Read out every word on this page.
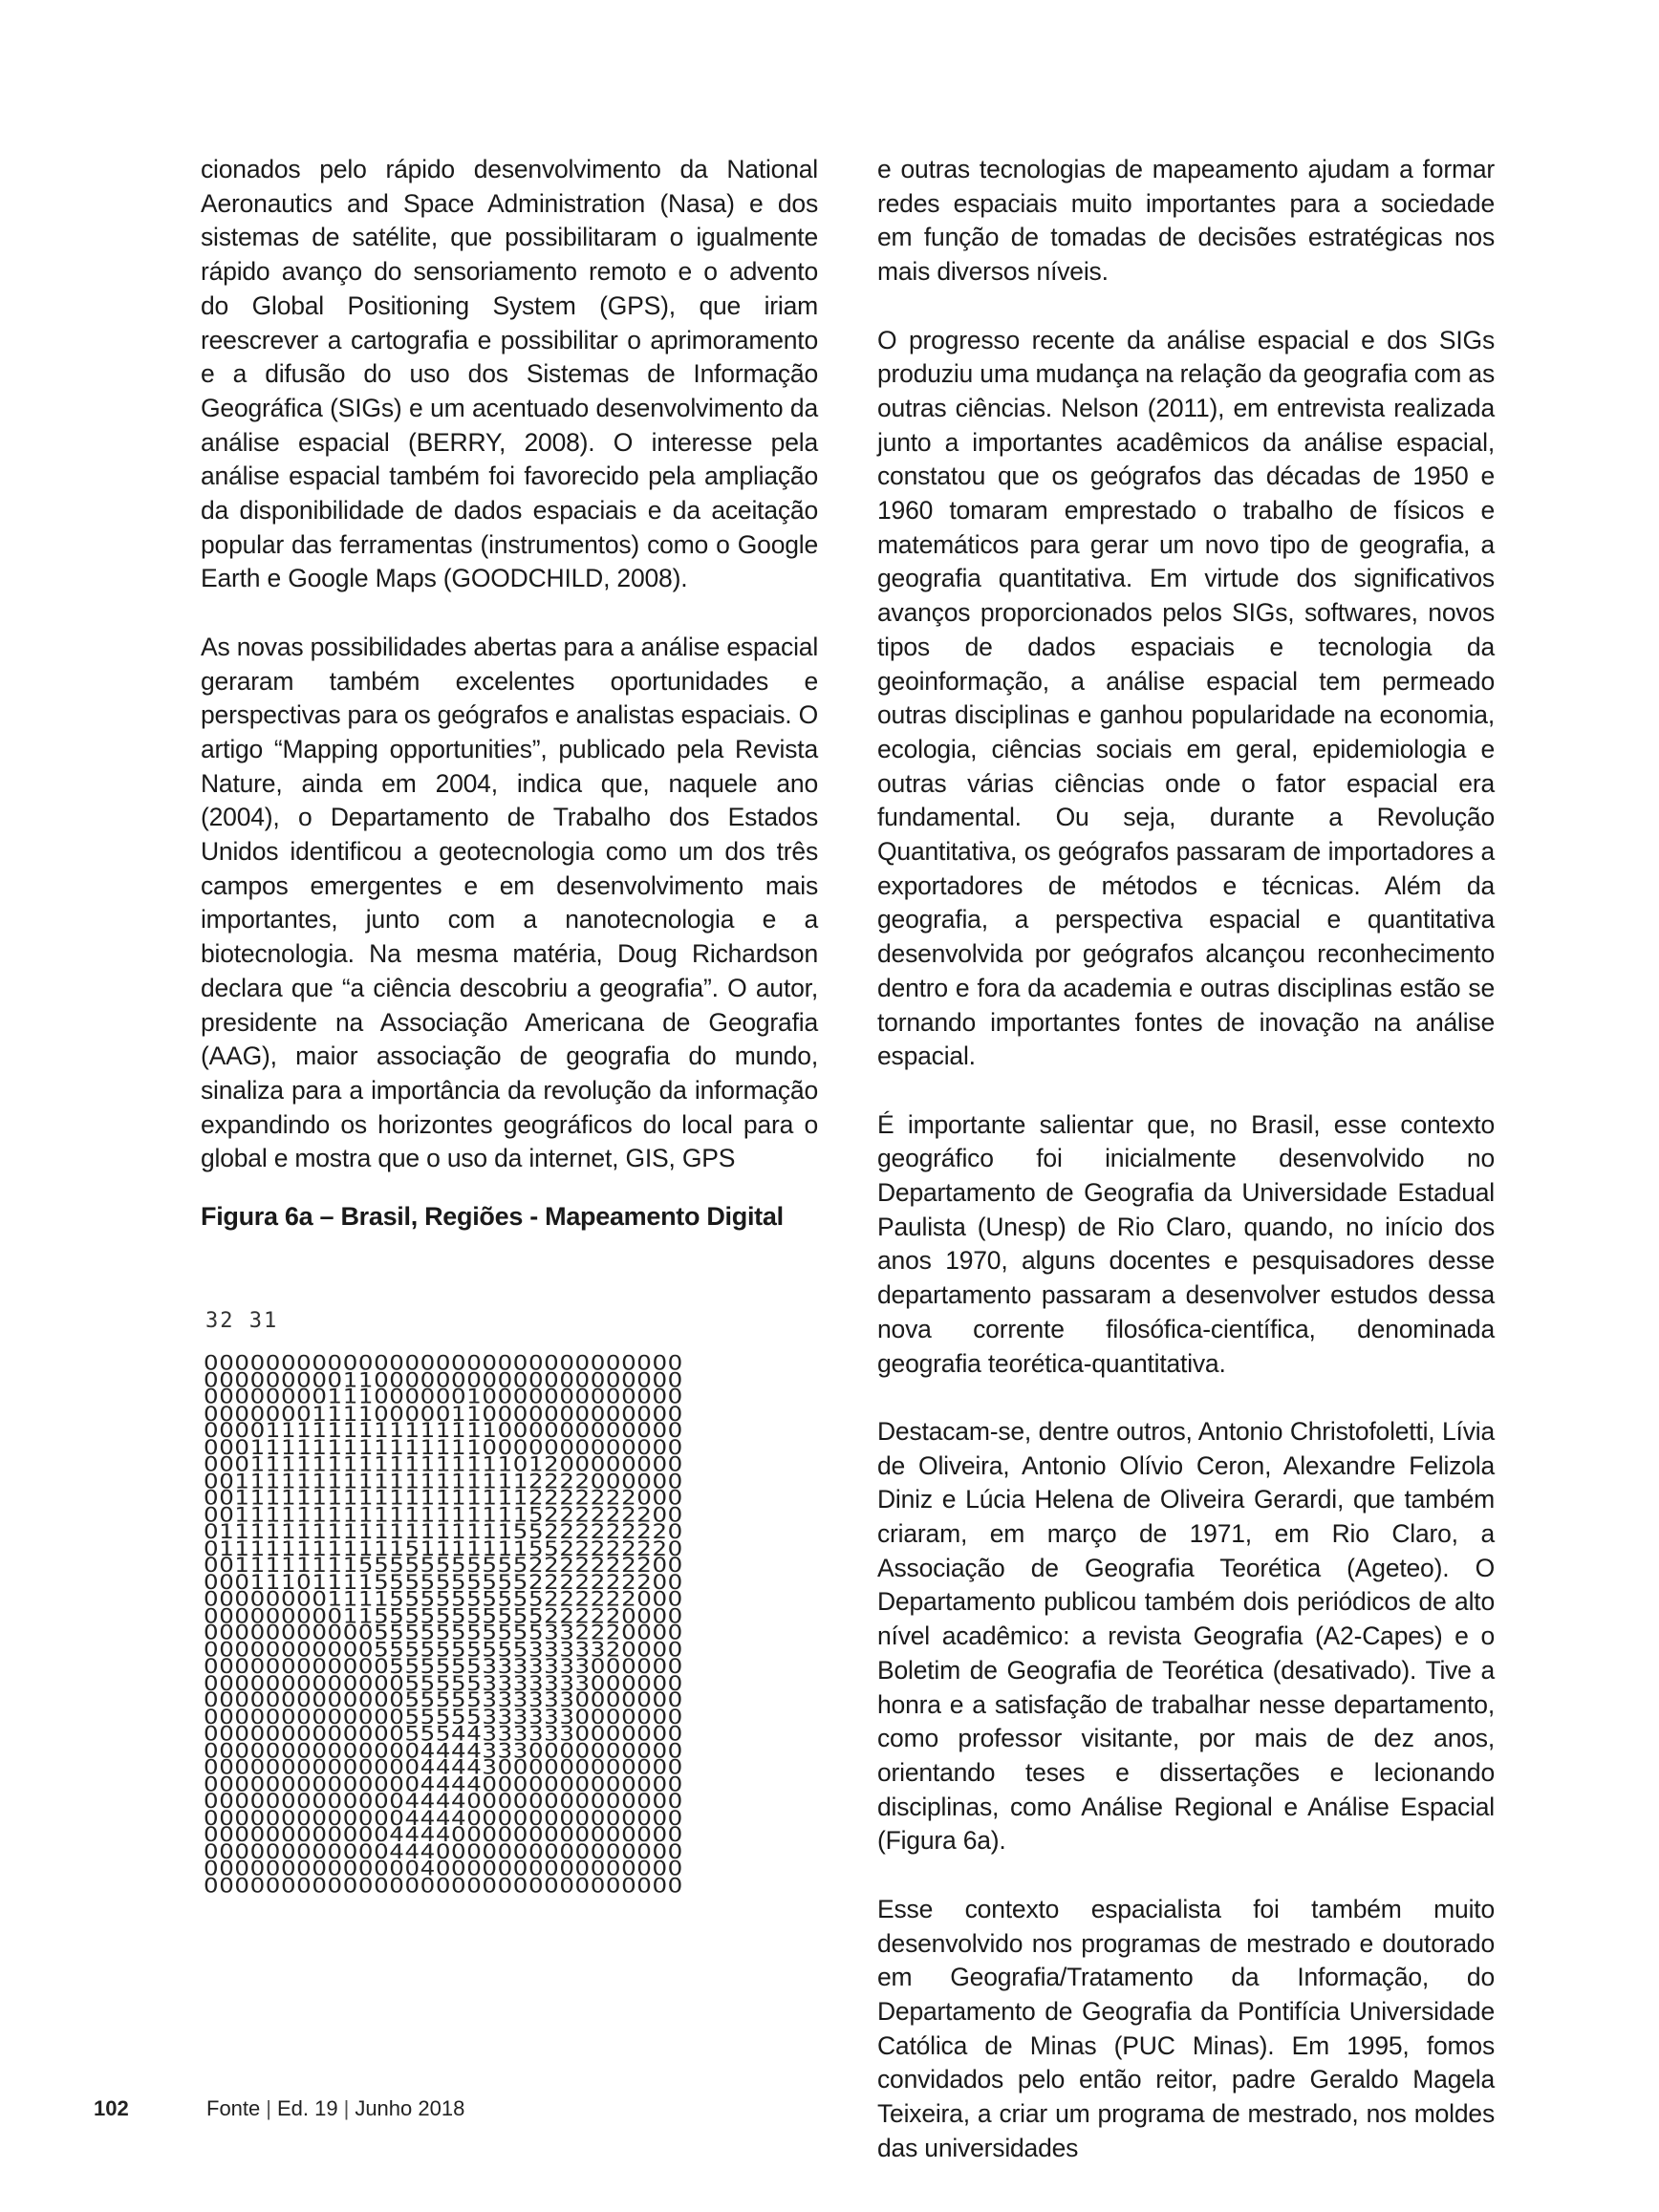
cionados pelo rápido desenvolvimento da National Aeronautics and Space Administration (Nasa) e dos sistemas de satélite, que possibilitaram o igualmente rápido avanço do sensoriamento remoto e o advento do Global Positioning System (GPS), que iriam reescrever a cartografia e possibilitar o aprimoramento e a difusão do uso dos Sistemas de Informação Geográfica (SIGs) e um acentuado desenvolvimento da análise espacial (BERRY, 2008). O interesse pela análise espacial também foi favorecido pela ampliação da disponibilidade de dados espaciais e da aceitação popular das ferramentas (instrumentos) como o Google Earth e Google Maps (GOODCHILD, 2008).

As novas possibilidades abertas para a análise espacial geraram também excelentes oportunidades e perspectivas para os geógrafos e analistas espaciais. O artigo “Mapping opportunities”, publicado pela Revista Nature, ainda em 2004, indica que, naquele ano (2004), o Departamento de Trabalho dos Estados Unidos identificou a geotecnologia como um dos três campos emergentes e em desenvolvimento mais importantes, junto com a nanotecnologia e a biotecnologia. Na mesma matéria, Doug Richardson declara que “a ciência descobriu a geografia”. O autor, presidente na Associação Americana de Geografia (AAG), maior associação de geografia do mundo, sinaliza para a importância da revolução da informação expandindo os horizontes geográficos do local para o global e mostra que o uso da internet, GIS, GPS

Figura 6a – Brasil, Regiões - Mapeamento Digital
32 31
0000000000000000000000000000000
0000000001100000000000000000000
0000000011100000010000000000000
0000000111100000110000000000000
0000111111111111111000000000000
0001111111111111110000000000000
0001111111111111111101200000000
0011111111111111111112222000000
0011111111111111111112222222000
0011111111111111111115222222200
0111111111111111111155222222220
0111111111111511111115522222220
0011111111555555555552222222200
0001110111155555555552222222200
0000000011115555555555222222000
0000000001155555555555222220000
0000000000055555555555332220000
0000000000055555555553333320000
0000000000005555553333333000000
0000000000000555553333333000000
0000000000000555553333330000000
0000000000000555553333330000000
0000000000000555443333330000000
0000000000000044443330000000000
0000000000000044443000000000000
0000000000000044440000000000000
0000000000000444400000000000000
0000000000000444400000000000000
0000000000004444000000000000000
0000000000004440000000000000000
0000000000000040000000000000000
0000000000000000000000000000000

e outras tecnologias de mapeamento ajudam a formar redes espaciais muito importantes para a sociedade em função de tomadas de decisões estratégicas nos mais diversos níveis.

O progresso recente da análise espacial e dos SIGs produziu uma mudança na relação da geografia com as outras ciências. Nelson (2011), em entrevista realizada junto a importantes acadêmicos da análise espacial, constatou que os geógrafos das décadas de 1950 e 1960 tomaram emprestado o trabalho de físicos e matemáticos para gerar um novo tipo de geografia, a geografia quantitativa. Em virtude dos significativos avanços proporcionados pelos SIGs, softwares, novos tipos de dados espaciais e tecnologia da geoinformação, a análise espacial tem permeado outras disciplinas e ganhou popularidade na economia, ecologia, ciências sociais em geral, epidemiologia e outras várias ciências onde o fator espacial era fundamental. Ou seja, durante a Revolução Quantitativa, os geógrafos passaram de importadores a exportadores de métodos e técnicas. Além da geografia, a perspectiva espacial e quantitativa desenvolvida por geógrafos alcançou reconhecimento dentro e fora da academia e outras disciplinas estão se tornando importantes fontes de inovação na análise espacial.

É importante salientar que, no Brasil, esse contexto geográfico foi inicialmente desenvolvido no Departamento de Geografia da Universidade Estadual Paulista (Unesp) de Rio Claro, quando, no início dos anos 1970, alguns docentes e pesquisadores desse departamento passaram a desenvolver estudos dessa nova corrente filosófica-científica, denominada geografia teorética-quantitativa.

Destacam-se, dentre outros, Antonio Christofoletti, Lívia de Oliveira, Antonio Olívio Ceron, Alexandre Felizola Diniz e Lúcia Helena de Oliveira Gerardi, que também criaram, em março de 1971, em Rio Claro, a Associação de Geografia Teorética (Ageteo). O Departamento publicou também dois periódicos de alto nível acadêmico: a revista Geografia (A2-Capes) e o Boletim de Geografia de Teorética (desativado). Tive a honra e a satisfação de trabalhar nesse departamento, como professor visitante, por mais de dez anos, orientando teses e dissertações e lecionando disciplinas, como Análise Regional e Análise Espacial (Figura 6a).

Esse contexto espacialista foi também muito desenvolvido nos programas de mestrado e doutorado em Geografia/Tratamento da Informação, do Departamento de Geografia da Pontifícia Universidade Católica de Minas (PUC Minas). Em 1995, fomos convidados pelo então reitor, padre Geraldo Magela Teixeira, a criar um programa de mestrado, nos moldes das universidades

102	Fonte | Ed. 19 | Junho 2018
